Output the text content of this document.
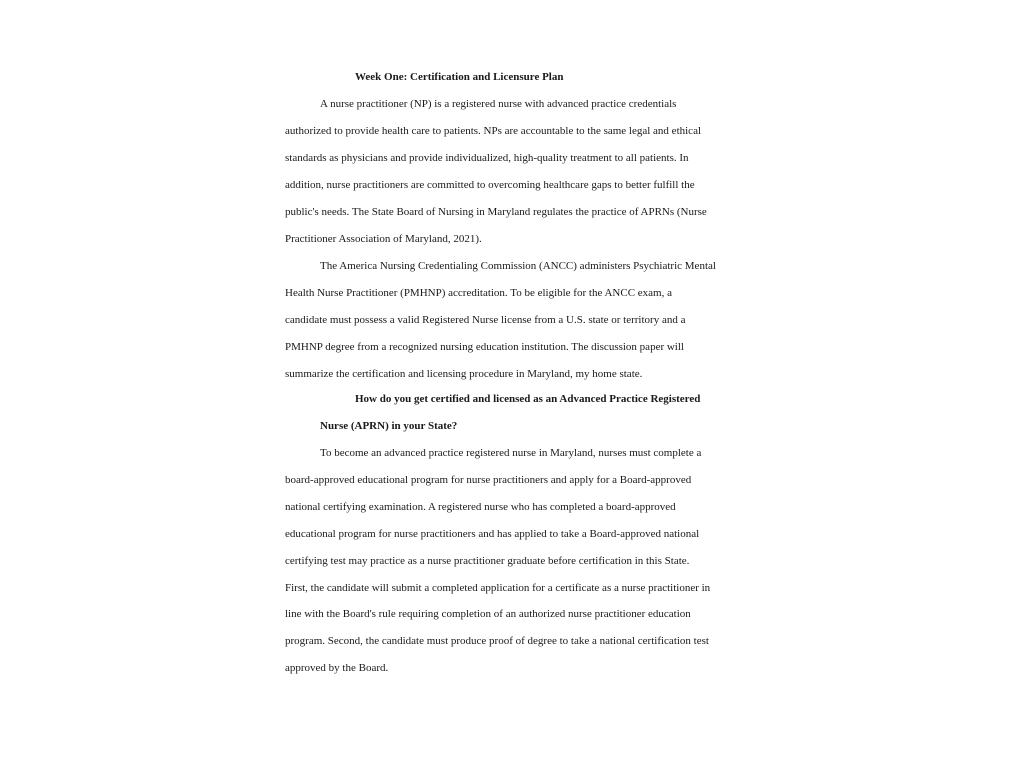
Week One: Certification and Licensure Plan
A nurse practitioner (NP) is a registered nurse with advanced practice credentials
authorized to provide health care to patients. NPs are accountable to the same legal and ethical
standards as physicians and provide individualized, high-quality treatment to all patients. In
addition, nurse practitioners are committed to overcoming healthcare gaps to better fulfill the
public's needs. The State Board of Nursing in Maryland regulates the practice of APRNs (Nurse
Practitioner Association of Maryland, 2021).
The America Nursing Credentialing Commission (ANCC) administers Psychiatric Mental
Health Nurse Practitioner (PMHNP) accreditation. To be eligible for the ANCC exam, a
candidate must possess a valid Registered Nurse license from a U.S. state or territory and a
PMHNP degree from a recognized nursing education institution. The discussion paper will
summarize the certification and licensing procedure in Maryland, my home state.
How do you get certified and licensed as an Advanced Practice Registered
Nurse (APRN) in your State?
To become an advanced practice registered nurse in Maryland, nurses must complete a
board-approved educational program for nurse practitioners and apply for a Board-approved
national certifying examination. A registered nurse who has completed a board-approved
educational program for nurse practitioners and has applied to take a Board-approved national
certifying test may practice as a nurse practitioner graduate before certification in this State.
First, the candidate will submit a completed application for a certificate as a nurse practitioner in
line with the Board's rule requiring completion of an authorized nurse practitioner education
program. Second, the candidate must produce proof of degree to take a national certification test
approved by the Board.
